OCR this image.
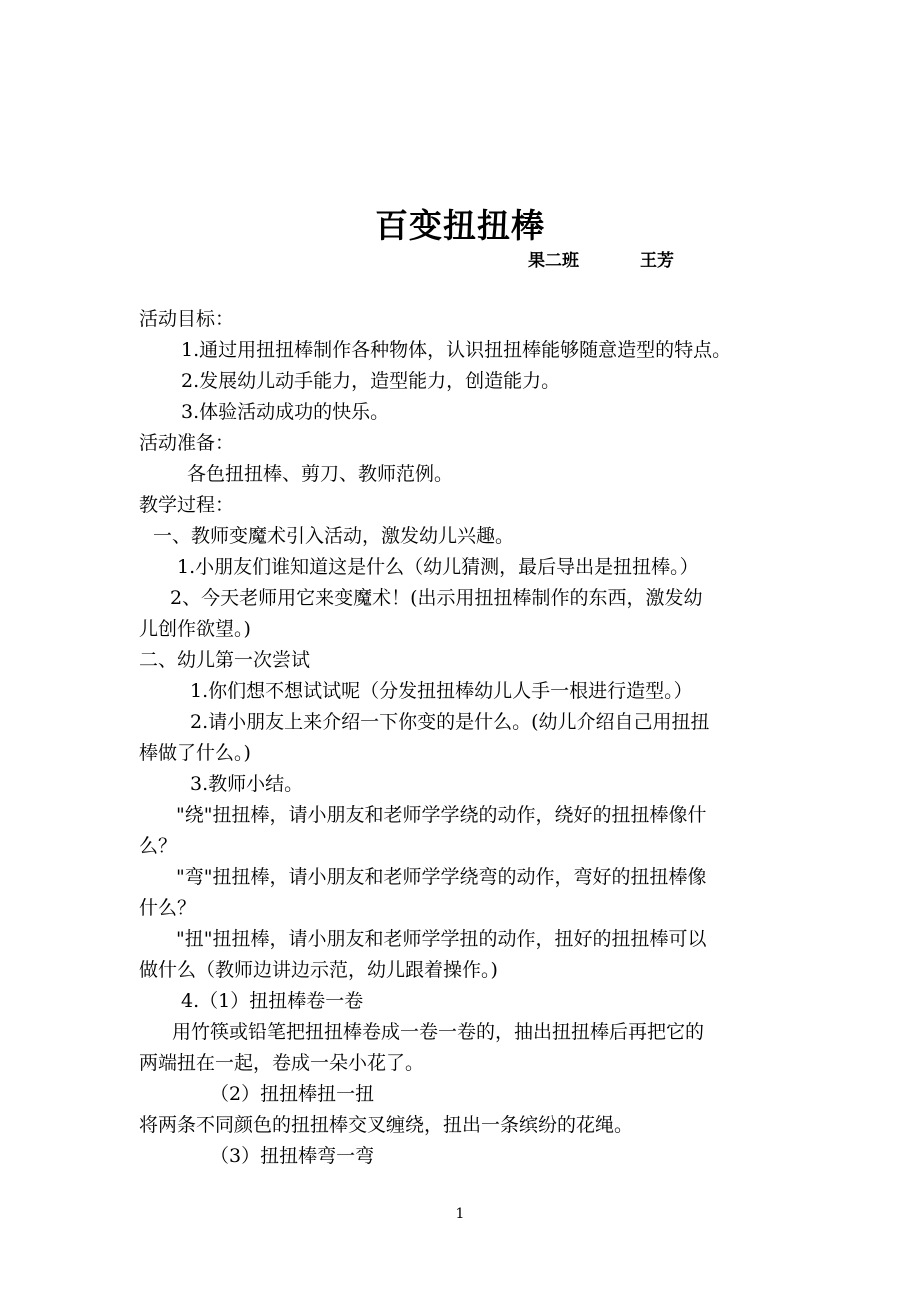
百变扭扭棒
果二班	王芳
活动目标：
1.通过用扭扭棒制作各种物体，认识扭扭棒能够随意造型的特点。
2.发展幼儿动手能力，造型能力，创造能力。
3.体验活动成功的快乐。
活动准备：
各色扭扭棒、剪刀、教师范例。
教学过程：
一、教师变魔术引入活动，激发幼儿兴趣。
1.小朋友们谁知道这是什么（幼儿猜测，最后导出是扭扭棒。）
2、今天老师用它来变魔术！(出示用扭扭棒制作的东西，激发幼
儿创作欲望。)
二、幼儿第一次尝试
1.你们想不想试试呢（分发扭扭棒幼儿人手一根进行造型。）
2.请小朋友上来介绍一下你变的是什么。(幼儿介绍自己用扭扭
棒做了什么。)
3.教师小结。
"绕"扭扭棒，请小朋友和老师学学绕的动作，绕好的扭扭棒像什
么？
"弯"扭扭棒，请小朋友和老师学学绕弯的动作，弯好的扭扭棒像
什么？
"扭"扭扭棒，请小朋友和老师学学扭的动作，扭好的扭扭棒可以
做什么（教师边讲边示范，幼儿跟着操作。)
4.（1）扭扭棒卷一卷
用竹筷或铅笔把扭扭棒卷成一卷一卷的，抽出扭扭棒后再把它的
两端扭在一起，卷成一朵小花了。
（2）扭扭棒扭一扭
将两条不同颜色的扭扭棒交叉缠绕，扭出一条缤纷的花绳。
（3）扭扭棒弯一弯
1
